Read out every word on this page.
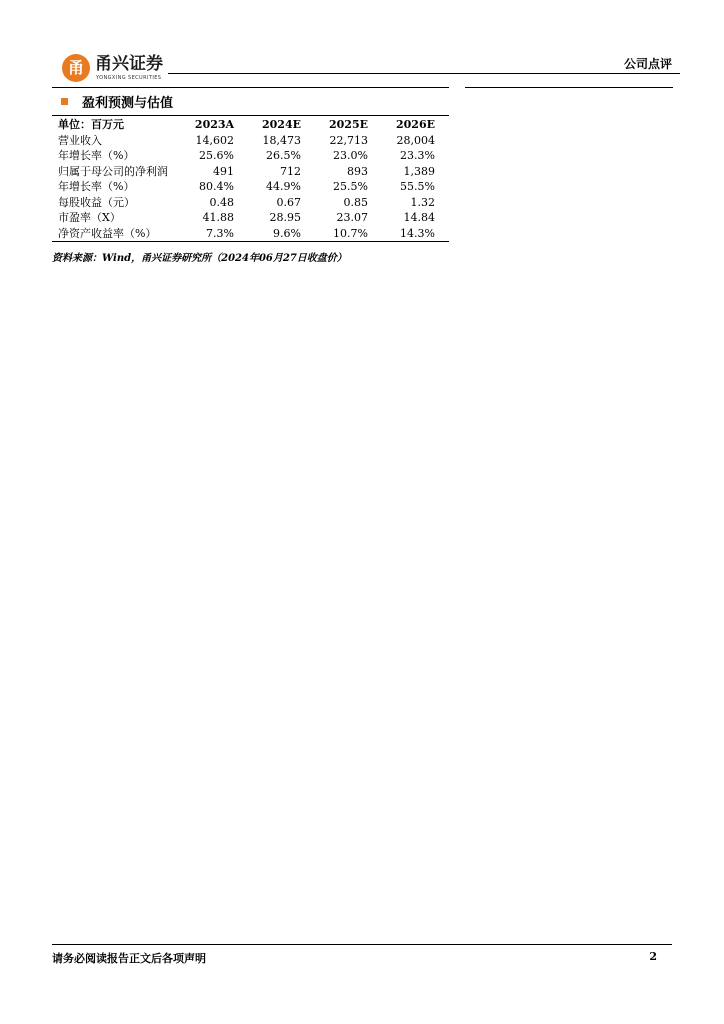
甬 甬兴证券
YONGXING SECURITIES
公司点评
盈利预测与估值
单位：百万元	2023A	2024E	2025E	2026E
营业收入	14,602	18,473	22,713	28,004
年增长率（%）	25.6%	26.5%	23.0%	23.3%
归属于母公司的净利润	491	712	893	1,389
年增长率（%）	80.4%	44.9%	25.5%	55.5%
每股收益（元）	0.48	0.67	0.85	1.32
市盈率（X）	41.88	28.95	23.07	14.84
净资产收益率（%）	7.3%	9.6%	10.7%	14.3%
资料来源：Wind，甬兴证券研究所（2024年06月27日收盘价）
请务必阅读报告正文后各项声明	2
